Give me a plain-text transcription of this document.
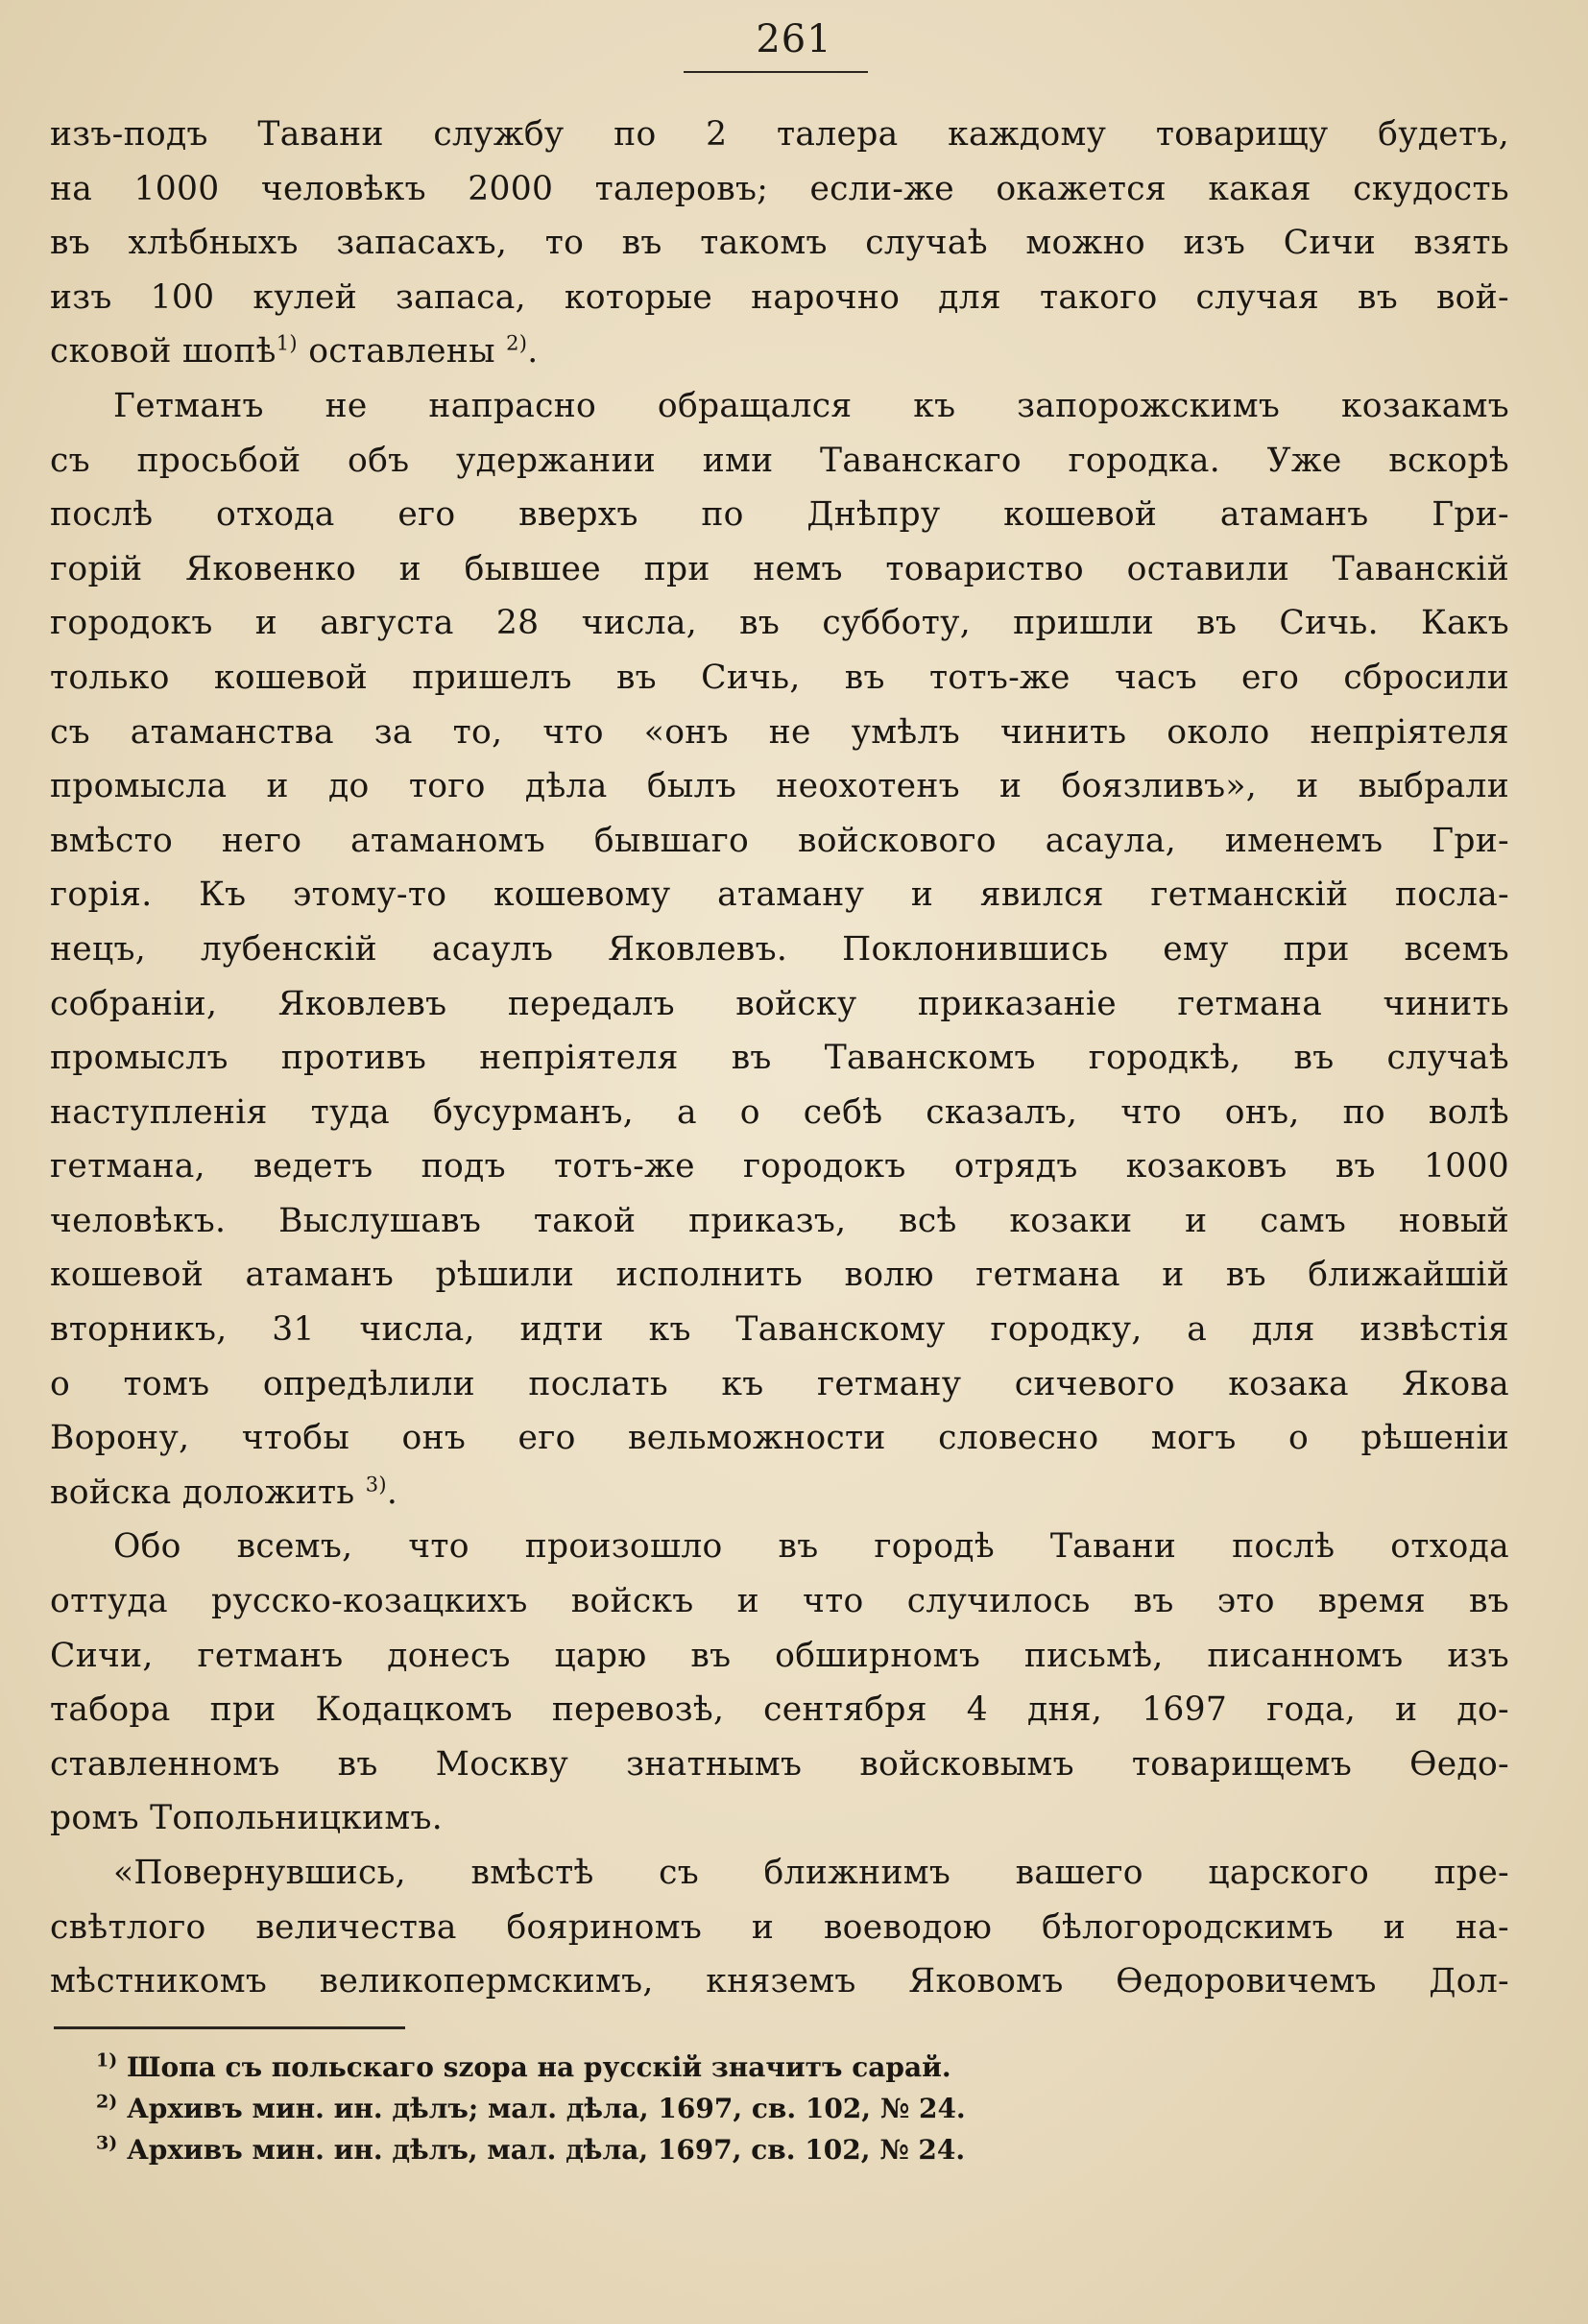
261
изъ-подъ Тавани службу по 2 талера каждому товарищу будетъ,
на 1000 человѣкъ 2000 талеровъ; если-же окажется какая скудость
въ хлѣбныхъ запасахъ, то въ такомъ случаѣ можно изъ Сичи взять
изъ 100 кулей запаса, которые нарочно для такого случая въ вой-
сковой шопѣ$^{1)}$ оставлены $^{2)}$.
Гетманъ не напрасно обращался къ запорожскимъ козакамъ
съ просьбой объ удержании ими Таванскаго городка. Уже вскорѣ
послѣ отхода его вверхъ по Днѣпру кошевой атаманъ Гри-
горій Яковенко и бывшее при немъ товариство оставили Таванскій
городокъ и августа 28 числа, въ субботу, пришли въ Сичь. Какъ
только кошевой пришелъ въ Сичь, въ тотъ-же часъ его сбросили
съ атаманства за то, что «онъ не умѣлъ чинить около непріятеля
промысла и до того дѣла былъ неохотенъ и боязливъ», и выбрали
вмѣсто него атаманомъ бывшаго войскового асаула, именемъ Гри-
горія. Къ этому-то кошевому атаману и явился гетманскій посла-
нецъ, лубенскій асаулъ Яковлевъ. Поклонившись ему при всемъ
собраніи, Яковлевъ передалъ войску приказаніе гетмана чинить
промыслъ противъ непріятеля въ Таванскомъ городкѣ, въ случаѣ
наступленія туда бусурманъ, а о себѣ сказалъ, что онъ, по волѣ
гетмана, ведетъ подъ тотъ-же городокъ отрядъ козаковъ въ 1000
человѣкъ. Выслушавъ такой приказъ, всѣ козаки и самъ новый
кошевой атаманъ рѣшили исполнить волю гетмана и въ ближайшій
вторникъ, 31 числа, идти къ Таванскому городку, а для извѣстія
о томъ опредѣлили послать къ гетману сичевого козака Якова
Ворону, чтобы онъ его вельможности словесно могъ о рѣшеніи
войска доложить $^{3)}$.
Обо всемъ, что произошло въ городѣ Тавани послѣ отхода
оттуда русско-козацкихъ войскъ и что случилось въ это время въ
Сичи, гетманъ донесъ царю въ обширномъ письмѣ, писанномъ изъ
табора при Кодацкомъ перевозѣ, сентября 4 дня, 1697 года, и до-
ставленномъ въ Москву знатнымъ войсковымъ товарищемъ Өедо-
ромъ Топольницкимъ.
«Повернувшись, вмѣстѣ съ ближнимъ вашего царского пре-
свѣтлого величества бояриномъ и воеводою бѣлогородскимъ и на-
мѣстникомъ великопермскимъ, княземъ Яковомъ Өедоровичемъ Дол-
$^{1)}$ Шопа съ польскаго szopa на русскій значитъ сарай.
$^{2)}$ Архивъ мин. ин. дѣлъ; мал. дѣла, 1697, св. 102, № 24.
$^{3)}$ Архивъ мин. ин. дѣлъ, мал. дѣла, 1697, св. 102, № 24.
